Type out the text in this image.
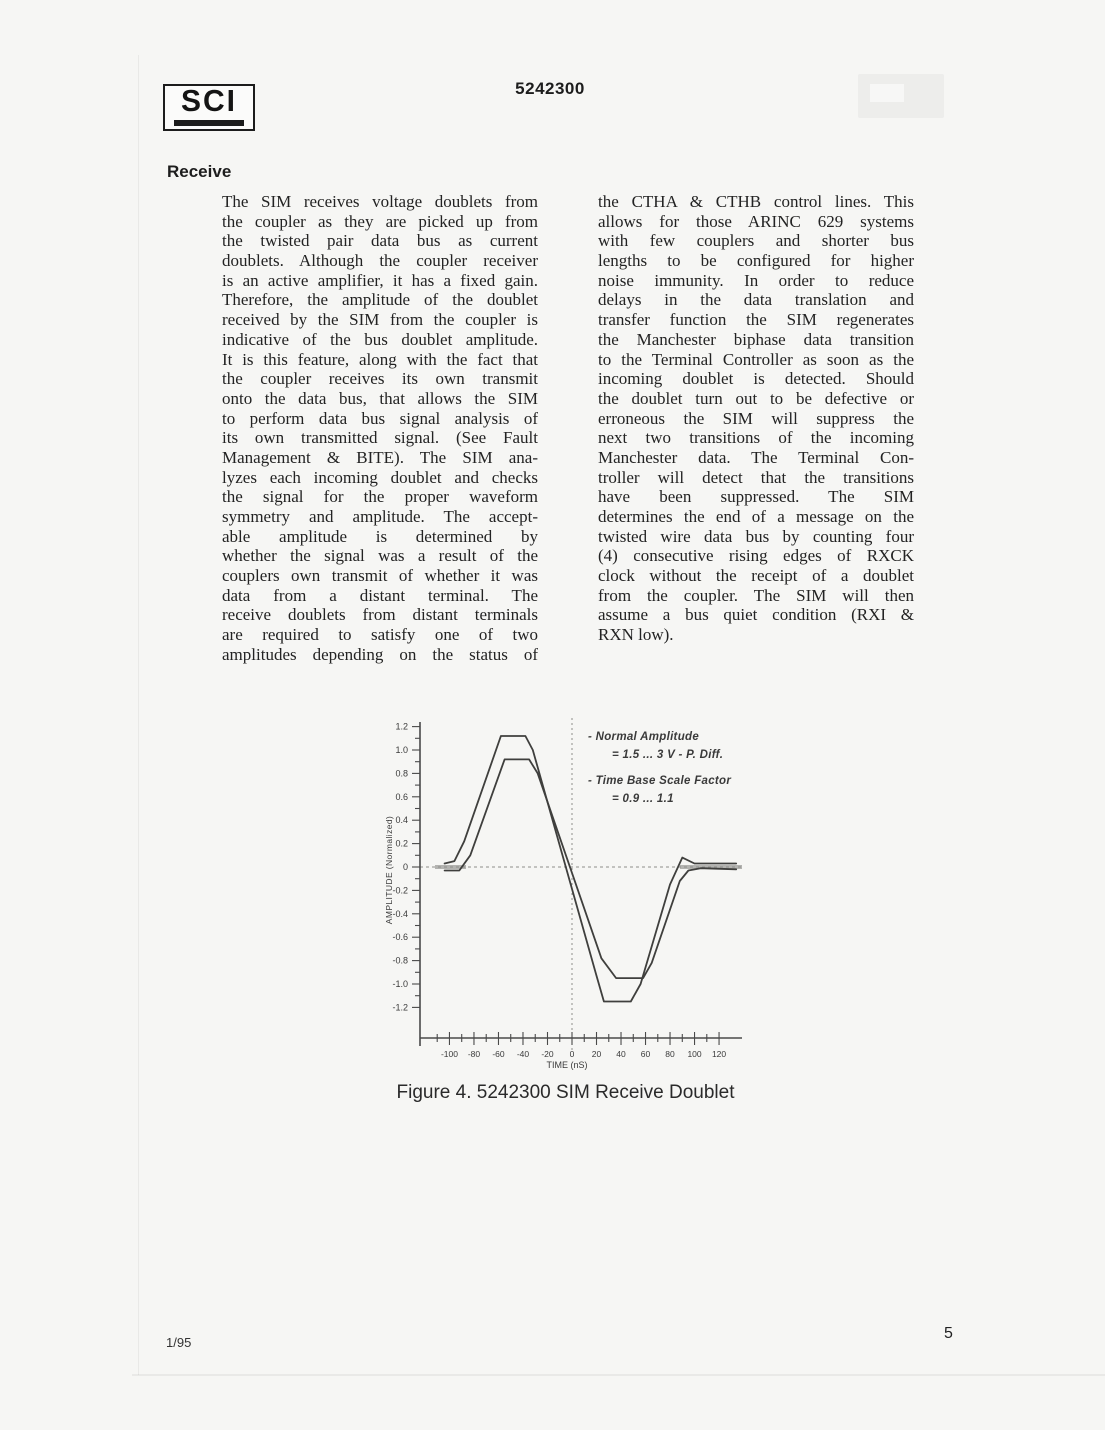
SCI	5242300
Receive
The SIM receives voltage doublets from
the coupler as they are picked up from
the twisted pair data bus as current
doublets. Although the coupler receiver
is an active amplifier, it has a fixed gain.
Therefore, the amplitude of the doublet
received by the SIM from the coupler is
indicative of the bus doublet amplitude.
It is this feature, along with the fact that
the coupler receives its own transmit
onto the data bus, that allows the SIM
to perform data bus signal analysis of
its own transmitted signal. (See Fault
Management & BITE). The SIM ana-
lyzes each incoming doublet and checks
the signal for the proper waveform
symmetry and amplitude. The accept-
able amplitude is determined by
whether the signal was a result of the
couplers own transmit of whether it was
data from a distant terminal. The
receive doublets from distant terminals
are required to satisfy one of two
amplitudes depending on the status of
the CTHA & CTHB control lines. This
allows for those ARINC 629 systems
with few couplers and shorter bus
lengths to be configured for higher
noise immunity. In order to reduce
delays in the data translation and
transfer function the SIM regenerates
the Manchester biphase data transition
to the Terminal Controller as soon as the
incoming doublet is detected. Should
the doublet turn out to be defective or
erroneous the SIM will suppress the
next two transitions of the incoming
Manchester data. The Terminal Con-
troller will detect that the transitions
have been suppressed. The SIM
determines the end of a message on the
twisted wire data bus by counting four
(4) consecutive rising edges of RXCK
clock without the receipt of a doublet
from the coupler. The SIM will then
assume a bus quiet condition (RXI &
RXN low).
1.2
1.0
0.8
0.6
0.4
0.2
0
-0.2
-0.4
-0.6
-0.8
-1.0
-1.2
-100 -80 -60 -40 -20 0 20 40 60 80 100 120
AMPLITUDE (Normalized)
TIME (nS)
- Normal Amplitude
= 1.5 ... 3 V - P. Diff.
- Time Base Scale Factor
= 0.9 ... 1.1
Figure 4. 5242300 SIM Receive Doublet
1/95
5
